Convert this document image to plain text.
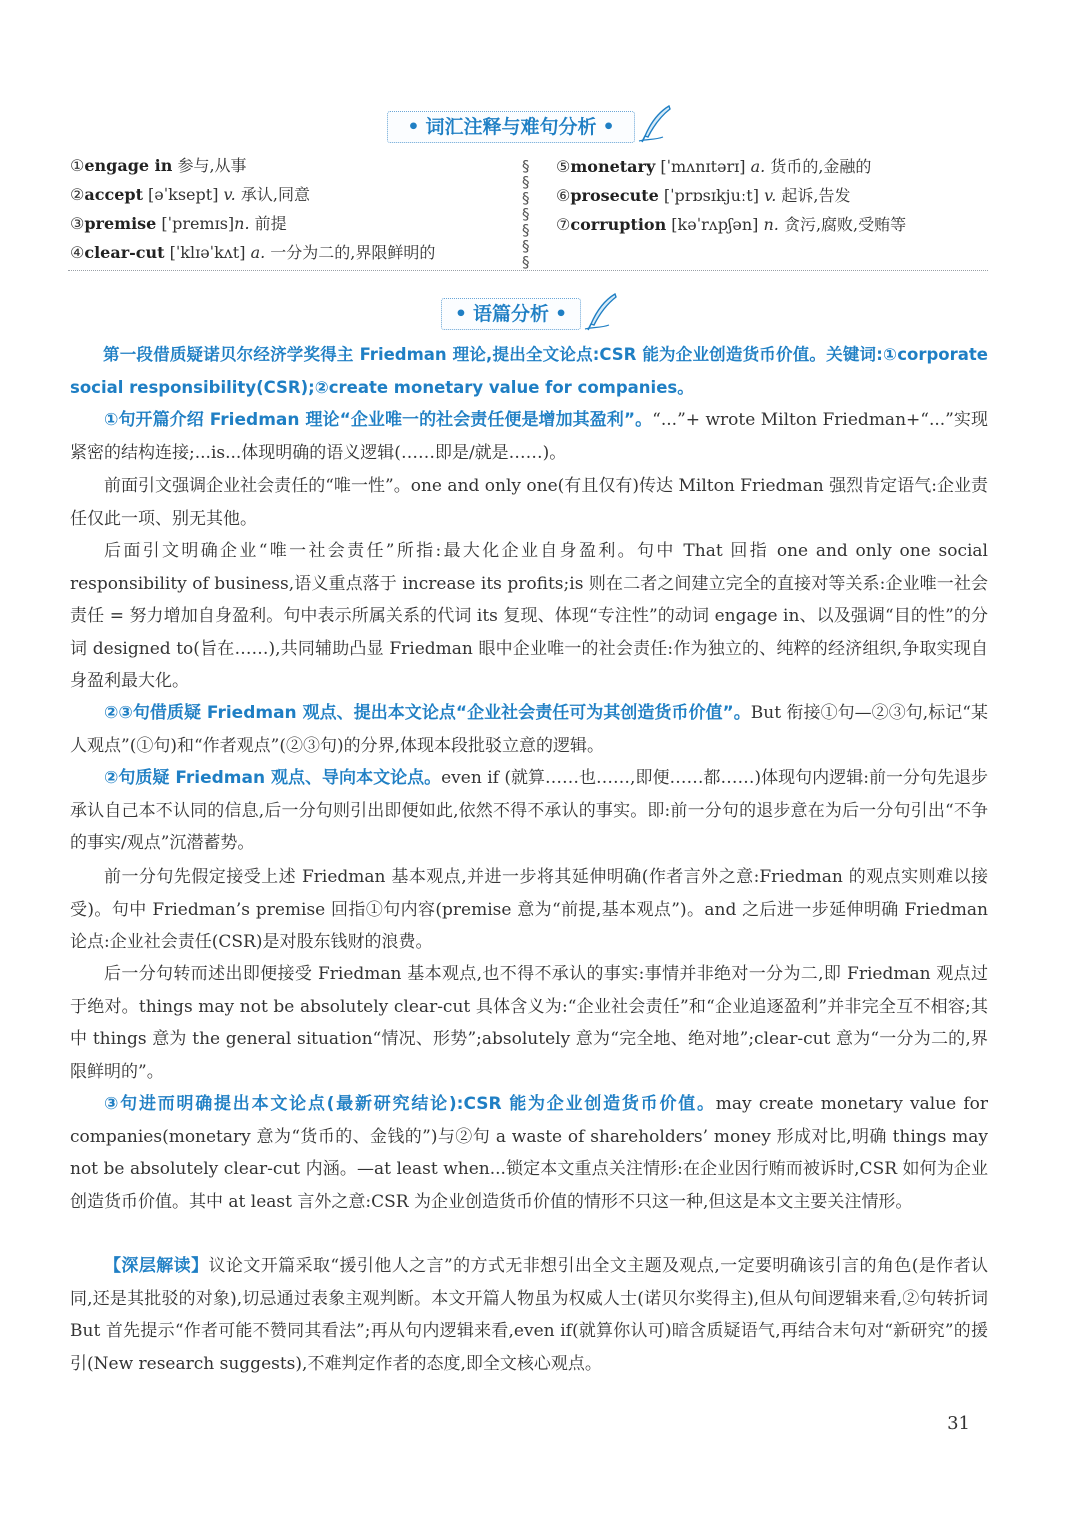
• 词汇注释与难句分析 •
①engage in 参与,从事
②accept [əˈksept] v. 承认,同意
③premise [ˈpremɪs]n. 前提
④clear-cut [ˈklɪəˈkʌt] a. 一分为二的,界限鲜明的
§
§
§
§
§
§
§
⑤monetary [ˈmʌnɪtərɪ] a. 货币的,金融的
⑥prosecute [ˈprɒsɪkjuːt] v. 起诉,告发
⑦corruption [kəˈrʌpʃən] n. 贪污,腐败,受贿等
• 语篇分析 •
第一段借质疑诺贝尔经济学奖得主 Friedman 理论,提出全文论点:CSR 能为企业创造货币价值。关键词:①corporate social responsibility(CSR);②create monetary value for companies。
①句开篇介绍 Friedman 理论“企业唯一的社会责任便是增加其盈利”。“...”+ wrote Milton Friedman+“...”实现紧密的结构连接;...is...体现明确的语义逻辑(……即是/就是……)。
前面引文强调企业社会责任的“唯一性”。one and only one(有且仅有)传达 Milton Friedman 强烈肯定语气:企业责任仅此一项、别无其他。
后面引文明确企业“唯一社会责任”所指:最大化企业自身盈利。句中 That 回指 one and only one social responsibility of business,语义重点落于 increase its profits;is 则在二者之间建立完全的直接对等关系:企业唯一社会责任 = 努力增加自身盈利。句中表示所属关系的代词 its 复现、体现“专注性”的动词 engage in、以及强调“目的性”的分词 designed to(旨在……),共同辅助凸显 Friedman 眼中企业唯一的社会责任:作为独立的、纯粹的经济组织,争取实现自身盈利最大化。
②③句借质疑 Friedman 观点、提出本文论点“企业社会责任可为其创造货币价值”。But 衔接①句—②③句,标记“某人观点”(①句)和“作者观点”(②③句)的分界,体现本段批驳立意的逻辑。
②句质疑 Friedman 观点、导向本文论点。even if (就算……也……,即便……都……)体现句内逻辑:前一分句先退步承认自己本不认同的信息,后一分句则引出即便如此,依然不得不承认的事实。即:前一分句的退步意在为后一分句引出“不争的事实/观点”沉潜蓄势。
前一分句先假定接受上述 Friedman 基本观点,并进一步将其延伸明确(作者言外之意:Friedman 的观点实则难以接受)。句中 Friedman’s premise 回指①句内容(premise 意为“前提,基本观点”)。and 之后进一步延伸明确 Friedman 论点:企业社会责任(CSR)是对股东钱财的浪费。
后一分句转而述出即便接受 Friedman 基本观点,也不得不承认的事实:事情并非绝对一分为二,即 Friedman 观点过于绝对。things may not be absolutely clear-cut 具体含义为:“企业社会责任”和“企业追逐盈利”并非完全互不相容;其中 things 意为 the general situation“情况、形势”;absolutely 意为“完全地、绝对地”;clear-cut 意为“一分为二的,界限鲜明的”。
③句进而明确提出本文论点(最新研究结论):CSR 能为企业创造货币价值。may create monetary value for companies(monetary 意为“货币的、金钱的”)与②句 a waste of shareholders’ money 形成对比,明确 things may not be absolutely clear-cut 内涵。—at least when...锁定本文重点关注情形:在企业因行贿而被诉时,CSR 如何为企业创造货币价值。其中 at least 言外之意:CSR 为企业创造货币价值的情形不只这一种,但这是本文主要关注情形。
【深层解读】议论文开篇采取“援引他人之言”的方式无非想引出全文主题及观点,一定要明确该引言的角色(是作者认同,还是其批驳的对象),切忌通过表象主观判断。本文开篇人物虽为权威人士(诺贝尔奖得主),但从句间逻辑来看,②句转折词 But 首先提示“作者可能不赞同其看法”;再从句内逻辑来看,even if(就算你认可)暗含质疑语气,再结合末句对“新研究”的援引(New research suggests),不难判定作者的态度,即全文核心观点。
31
